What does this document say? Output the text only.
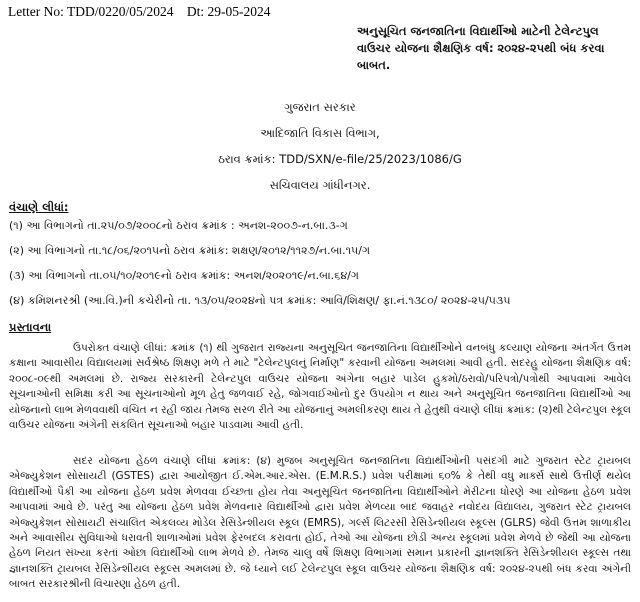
Letter No: TDD/0220/05/2024 Dt: 29-05-2024
અનુસૂચિત જનજાતિના વિદ્યાર્થીઓ માટેની ટેલેન્ટપુલ વાઉચર યોજના શૈક્ષણિક વર્ષ: ૨૦૨૪-૨૫થી બંધ કરવા બાબત.
ગુજરાત સરકાર
આદિજાતિ વિકાસ વિભાગ,
ઠરાવ ક્રમાંક: TDD/SXN/e-file/25/2023/1086/G
સચિવાલય ગાંધીનગર.
વંચાણે લીધાં:
(૧) આ વિભાગનો તા.૨૫/૦૭/૨૦૦૮નો ઠરાવ ક્રમાંક : અનશ-૨૦૦૭-ન.બા.૩-ગ
(૨) આ વિભાગનો તા.૧૮/૦૬/૨૦૧૫નો ઠરાવ ક્રમાંક: શક્ષણ/૨૦૧૨/૧૧૨૭/ન.બા.૧૫/ગ
(૩) આ વિભાગનો તા.૦૫/૧૦/૨૦૧૯નો ઠરાવ ક્રમાંક: અનશ/૨૦૨૦૧૯/ન.બા.૬૪/ગ
(૪) કમિશનરશ્રી (આ.વિ.)ની કચેરીનો તા. ૧૩/૦૫/૨૦૨૪નો પત્ર ક્રમાંક: આવિ/શિક્ષણ/ ફા.નં.૧૩૮૦/ ૨૦૨૪-૨૫/૫૩૫
પ્રસ્તાવના

ઉપરોક્ત વંચાણે લીધાં: ક્રમાંક (૧) થી ગુજરાત રાજ્યના અનુસૂચિત જનજાતિના વિદ્યાર્થીઓને વનબંધુ કલ્યાણ યોજના અંતર્ગત ઉત્તમ કક્ષાના આવાસીય વિદ્યાલયમાં સર્વશ્રેષ્ઠ શિક્ષણ મળે તે માટે "ટેલેન્ટપુલનું નિર્માણ" કરવાની યોજના અમલમાં આવી હતી. સદરહુ યોજના શૈક્ષણિક વર્ષ: ૨૦૦૮-૦૯થી અમલમાં છે. રાજ્ય સરકારની ટેલેન્ટપુલ વાઉચર યોજના અંગેના બહાર પાડેલ હુકમો/ઠરાવો/પરિપત્રો/પત્રોથી આપવામાં આવેલ સૂચનાઓની સમિક્ષા કરી આ સૂચનાઓનો મૂળ હેતુ જળવાઈ રહે, જોગવાઈઓનો દુર ઉપયોગ ન થાય અને અનુસૂચિત જનજાતિના વિદ્યાર્થીઓ આ યોજનાનો લાભ મેળવવાથી વંચિત ન રહી જાય તેમજ સરળ રીતે આ યોજનાનું અમલીકરણ થાય તે હેતુથી વંચાણે લીધાં ક્રમાંક: (૨)થી ટેલેન્ટપુલ સ્કૂલ વાઉચર યોજના અંગેની સંકલિત સૂચનાઓ બહાર પાડવામાં આવી હતી.

સદર યોજના હેઠળ વંચાણે લીધાં ક્રમાંક: (૪) મુજબ અનુસૂચિત જનજાતિના વિદ્યાર્થીઓની પસંદગી માટે ગુજરાત સ્ટેટ ટ્રાયબલ એજ્યુકેશન સોસાયટી (GSTES) દ્વારા આયોજીત ઈ.એમ.આર.એસ. (E.M.R.S.) પ્રવેશ પરીક્ષામાં ૬૦% કે તેથી વધુ માર્ક્સ સાથે ઉત્તીર્ણ થયેલ વિદ્યાર્થીઓ પૈકી આ યોજના હેઠળ પ્રવેશ મેળવવા ઈચ્છતા હોય તેવા અનુસૂચિત જનજાતિના વિદ્યાર્થીઓને મેરીટના ધોરણે આ યોજના હેઠળ પ્રવેશ આપવામાં આવે છે. પરંતુ આ યોજના હેઠળ પ્રવેશ મેળવનાર વિદ્યાર્થીઓ દ્વારા પ્રવેશ મેળવ્યા બાદ જવાહર નવોદય વિદ્યાલય, ગુજરાત સ્ટેટ ટ્રાયબલ એજ્યુકેશન સોસાયટી સંચાલિત એકલવ્ય મોડેલ રેસિડેન્શીયલ સ્કૂલ (EMRS), ગર્લ્સ લિટરસી રેસિડેન્શીયલ સ્કૂલ્સ (GLRS) જેવી ઉત્તમ શાળાકીય અને આવાસીય સુવિધાઓ ધરાવતી શાળાઓમાં પ્રવેશ ફેરબદલ કરાવતા હોઈ, તેઓ આ યોજના છોડી અન્ય સ્કૂલમાં પ્રવેશ મેળવે છે જેથી આ યોજના હેઠળ નિયત સંખ્યા કરતાં ઓછા વિદ્યાર્થીઓ લાભ મેળવે છે. તેમજ ચાલુ વર્ષે શિક્ષણ વિભાગમાં સમાન પ્રકારની જ્ઞાનશક્તિ રેસિડેન્શીયલ સ્કૂલ્સ તથા જ્ઞાનશક્તિ ટ્રાયબલ રેસિડેન્શીયલ સ્કૂલ્સ અમલમાં છે. જે ધ્યાને લઈ ટેલેન્ટપુલ સ્કૂલ વાઉચર યોજના શૈક્ષણિક વર્ષ: ૨૦૨૪-૨૫થી બંધ કરવા અંગેની બાબત સરકારશ્રીની વિચારણા હેઠળ હતી.
